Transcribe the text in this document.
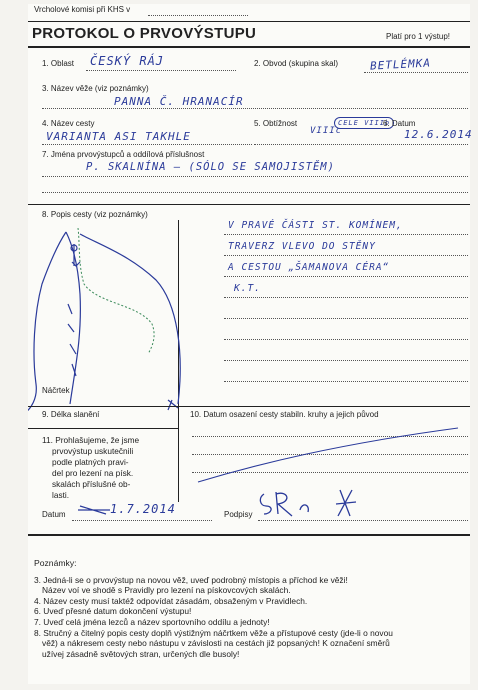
Vrcholové komisi při KHS v
PROTOKOL O PRVOVÝSTUPU	Platí pro 1 výstup!
1. Oblast ČESKÝ RÁJ	2. Obvod (skupina skal)	BETLÉMKA
3. Název věže (viz poznámky)
PANNA Č. HRANACÍR
4. Název cesty
VARIANTA ASI TAKHLE
5. Obtížnost
VIIIc
CELE VIIIb
6. Datum
12.6.2014
7. Jména prvovýstupců a oddílová příslušnost
P. SKALNÍNA — (SÓLO SE SAMOJISTĚM)
8. Popis cesty (viz poznámky)
V PRAVÉ ČÁSTI ST. KOMÍNEM,
TRAVERZ VLEVO DO STĚNY
A CESTOU „ŠAMANOVA CÉRA“
K.T.
Náčrtek
9. Délka slanění	10. Datum osazení cesty stabiln. kruhy a jejich původ
11. Prohlašujeme, že jsme
prvovýstup uskutečnili
podle platných pravi-
del pro lezení na písk.
skalách příslušné ob-
lasti.
Datum	1.7.2014	Podpisy

Poznámky:

3. Jedná-li se o prvovýstup na novou věž, uveď podrobný místopis a příchod ke věži!

Název voí ve shodě s Pravidly pro lezení na pískovcových skalách.

4. Název cesty musí taktéž odpovídat zásadám, obsaženým v Pravidlech.

6. Uveď přesné datum dokončení výstupu!

7. Uveď celá jména lezců a název sportovního oddílu a jednoty!

8. Stručný a čitelný popis cesty doplň výstižným náčrtkem věže a přístupové cesty (jde-li o novou

věž) a nákresem cesty nebo nástupu v závislosti na cestách již popsaných! K označení směrů

užívej zásadně světových stran, určených dle busoly!
